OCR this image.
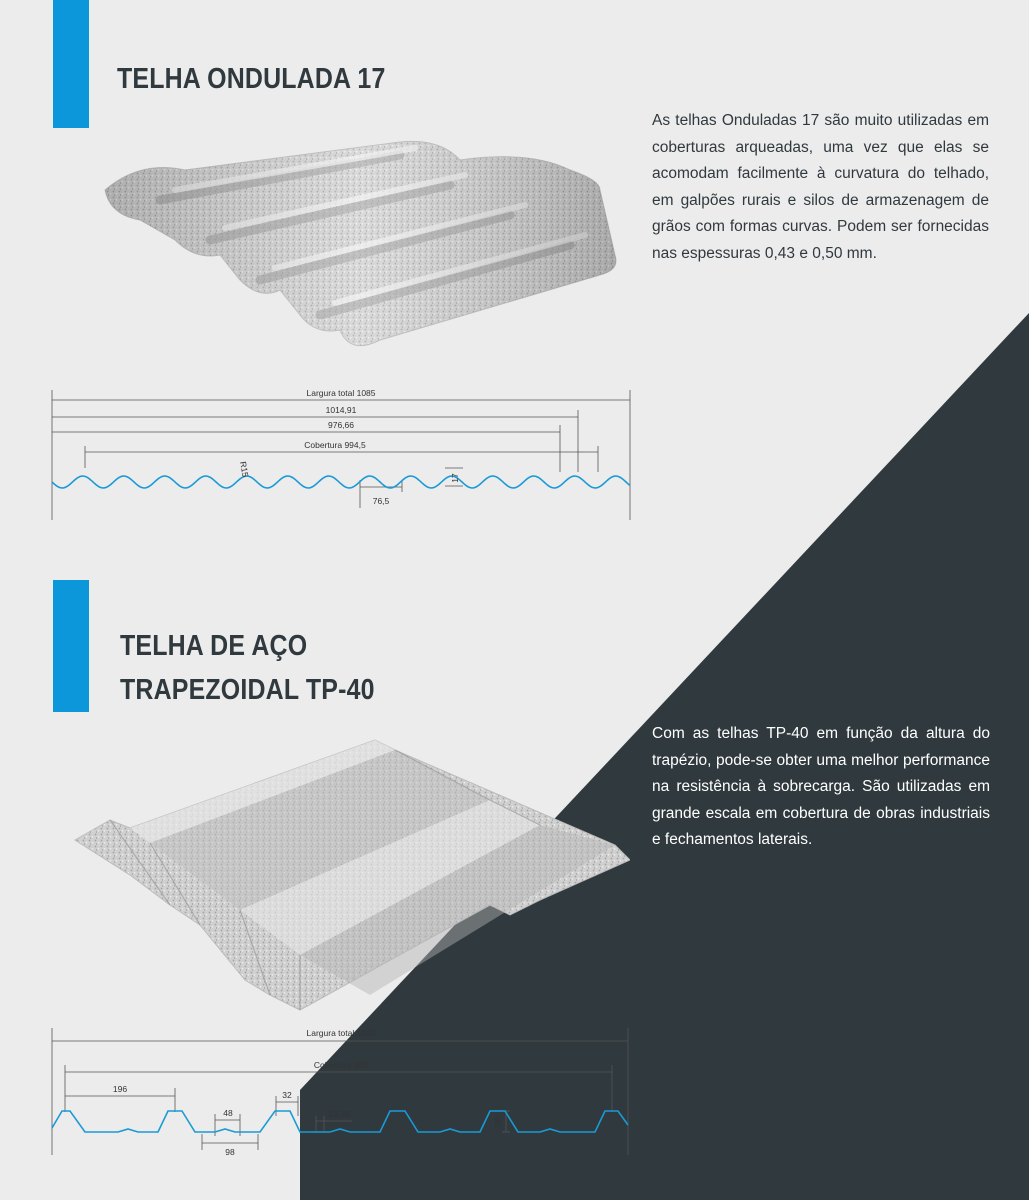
TELHA ONDULADA 17

As telhas Onduladas 17 são muito utilizadas em coberturas arqueadas, uma vez que elas se acomodam facilmente à curvatura do telhado, em galpões rurais e silos de armazenagem de grãos com formas curvas. Podem ser fornecidas nas espessuras 0,43 e 0,50 mm.

Largura total 1085
1014,91
976,66
Cobertura 994,5
R15
17
76,5
TELHA DE AÇO
TRAPEZOIDAL TP-40

Com as telhas TP-40 em função da altura do trapézio, pode-se obter uma melhor performance na resistência à sobrecarga. São utilizadas em grande escala em cobertura de obras industriais e fechamentos laterais.

Largura total 1032
Cobertura 980
196
48
32
23,38
98
36
